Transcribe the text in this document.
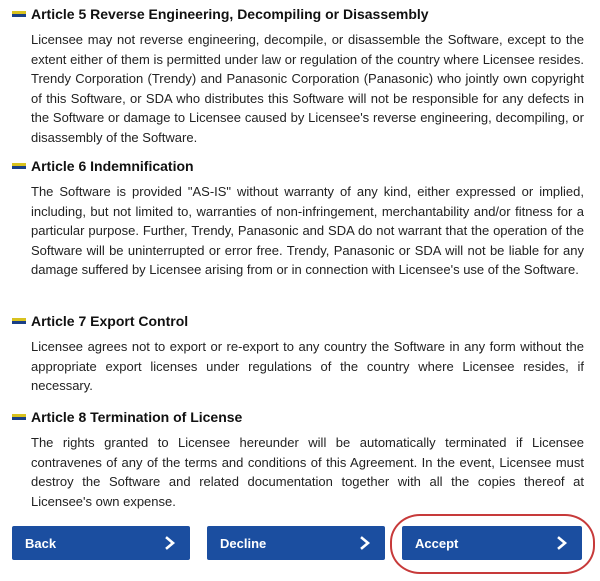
Article 5 Reverse Engineering, Decompiling or Disassembly
Licensee may not reverse engineering, decompile, or disassemble the Software, except to the extent either of them is permitted under law or regulation of the country where Licensee resides. Trendy Corporation (Trendy) and Panasonic Corporation (Panasonic) who jointly own copyright of this Software, or SDA who distributes this Software will not be responsible for any defects in the Software or damage to Licensee caused by Licensee's reverse engineering, decompiling, or disassembly of the Software.
Article 6 Indemnification
The Software is provided "AS-IS" without warranty of any kind, either expressed or implied, including, but not limited to, warranties of non-infringement, merchantability and/or fitness for a particular purpose. Further, Trendy, Panasonic and SDA do not warrant that the operation of the Software will be uninterrupted or error free. Trendy, Panasonic or SDA will not be liable for any damage suffered by Licensee arising from or in connection with Licensee's use of the Software.
Article 7 Export Control
Licensee agrees not to export or re-export to any country the Software in any form without the appropriate export licenses under regulations of the country where Licensee resides, if necessary.
Article 8 Termination of License
The rights granted to Licensee hereunder will be automatically terminated if Licensee contravenes of any of the terms and conditions of this Agreement. In the event, Licensee must destroy the Software and related documentation together with all the copies thereof at Licensee's own expense.
Back	Decline	Accept
